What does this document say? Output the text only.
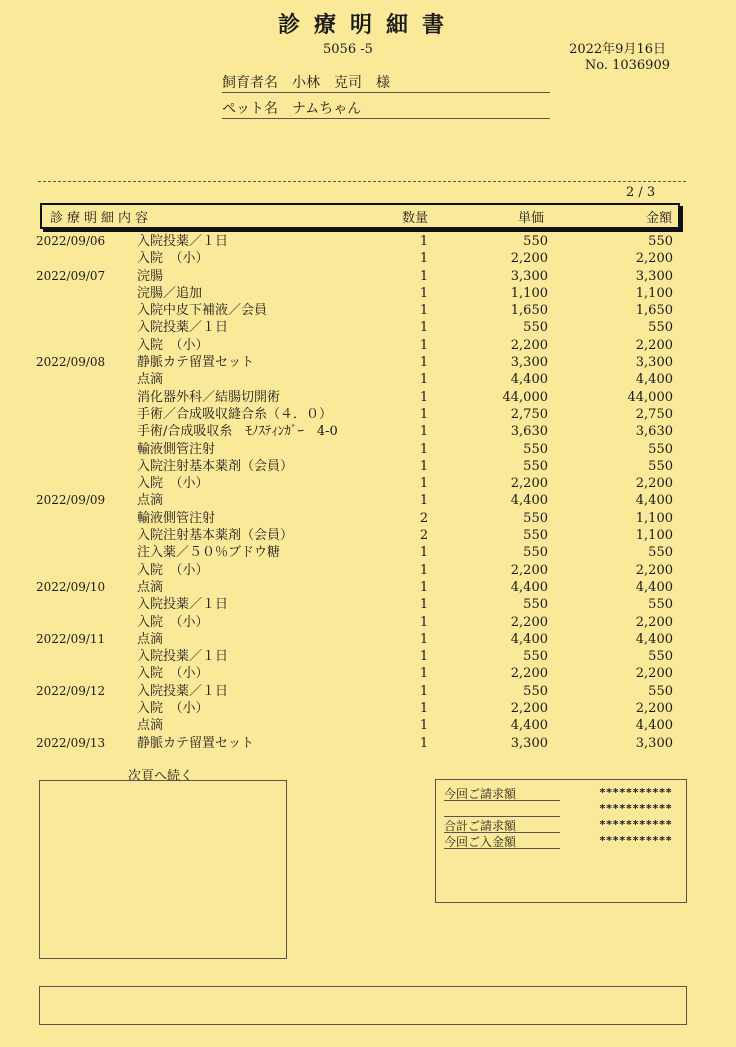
診療明細書
5056 -5	2022年9月16日
No. 1036909
飼育者名 小林　克司　様
ペット名 ナムちゃん
2 / 3
診療明細内容	数量	単価	金額
2022/09/06 入院投薬／１日	1	550	550
入院　（小）	1	2,200	2,200
2022/09/07 浣腸	1	3,300	3,300
浣腸／追加	1	1,100	1,100
入院中皮下補液／会員	1	1,650	1,650
入院投薬／１日	1	550	550
入院　（小）	1	2,200	2,200
2022/09/08 静脈カテ留置セット	1	3,300	3,300
点滴	1	4,400	4,400
消化器外科／結腸切開術	1	44,000	44,000
手術／合成吸収縫合糸（４．０）	1	2,750	2,750
手術/合成吸収糸　ﾓﾉｽﾃｨﾝｶﾞｰ　4-0	1	3,630	3,630
輸液側管注射	1	550	550
入院注射基本薬剤（会員）	1	550	550
入院　（小）	1	2,200	2,200
2022/09/09 点滴	1	4,400	4,400
輸液側管注射	2	550	1,100
入院注射基本薬剤（会員）	2	550	1,100
注入薬／５０％ブドウ糖	1	550	550
入院　（小）	1	2,200	2,200
2022/09/10 点滴	1	4,400	4,400
入院投薬／１日	1	550	550
入院　（小）	1	2,200	2,200
2022/09/11 点滴	1	4,400	4,400
入院投薬／１日	1	550	550
入院　（小）	1	2,200	2,200
2022/09/12 入院投薬／１日	1	550	550
入院　（小）	1	2,200	2,200
点滴	1	4,400	4,400
2022/09/13 静脈カテ留置セット	1	3,300	3,300
次頁へ続く
今回ご請求額	***********
***********
合計ご請求額	***********
今回ご入金額	***********
